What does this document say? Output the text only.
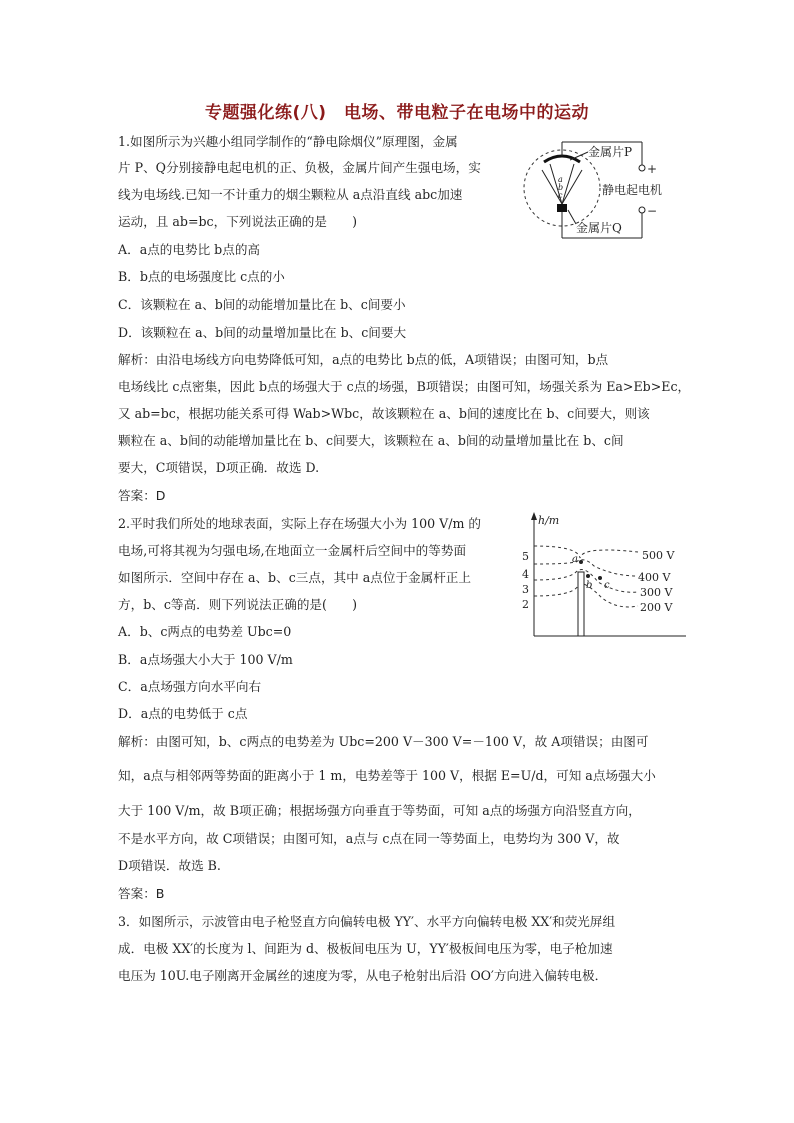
专题强化练(八)　电场、带电粒子在电场中的运动
1.如图所示为兴趣小组同学制作的“静电除烟仪”原理图，金属
片 P、Q分别接静电起电机的正、负极，金属片间产生强电场，实
线为电场线.已知一不计重力的烟尘颗粒从 a点沿直线 abc加速
运动，且 ab=bc，下列说法正确的是　　)
A．a点的电势比 b点的高
B．b点的电场强度比 c点的小
C．该颗粒在 a、b间的动能增加量比在 b、c间要小
D．该颗粒在 a、b间的动量增加量比在 b、c间要大
解析：由沿电场线方向电势降低可知，a点的电势比 b点的低，A项错误；由图可知，b点
电场线比 c点密集，因此 b点的场强大于 c点的场强，B项错误；由图可知，场强关系为 Ea>Eb>Ec，
又 ab=bc，根据功能关系可得 Wab>Wbc，故该颗粒在 a、b间的速度比在 b、c间要大，则该
颗粒在 a、b间的动能增加量比在 b、c间要大，该颗粒在 a、b间的动量增加量比在 b、c间
要大，C项错误，D项正确．故选 D.
答案：D
金属片P
金属片Q
+
−
静电起电机
a
b
c
2.平时我们所处的地球表面，实际上存在场强大小为 100 V/m 的
电场,可将其视为匀强电场,在地面立一金属杆后空间中的等势面
如图所示．空间中存在 a、b、c三点，其中 a点位于金属杆正上
方，b、c等高．则下列说法正确的是(　　)
A．b、c两点的电势差 Ubc=0
B．a点场强大小大于 100 V/m
C．a点场强方向水平向右
D．a点的电势低于 c点
解析：由图可知，b、c两点的电势差为 Ubc=200 V－300 V=－100 V，故 A项错误；由图可
知，a点与相邻两等势面的距离小于 1 m，电势差等于 100 V，根据 E=U/d，可知 a点场强大小
大于 100 V/m，故 B项正确；根据场强方向垂直于等势面，可知 a点的场强方向沿竖直方向，
不是水平方向，故 C项错误；由图可知，a点与 c点在同一等势面上，电势均为 300 V，故
D项错误．故选 B.
答案：B
h/m
5
4
3
2
a
b c
500 V
400 V
300 V
200 V
3．如图所示，示波管由电子枪竖直方向偏转电极 YY′、水平方向偏转电极 XX′和荧光屏组
成．电极 XX′的长度为 l、间距为 d、极板间电压为 U，YY′极板间电压为零，电子枪加速
电压为 10U.电子刚离开金属丝的速度为零，从电子枪射出后沿 OO′方向进入偏转电极．
